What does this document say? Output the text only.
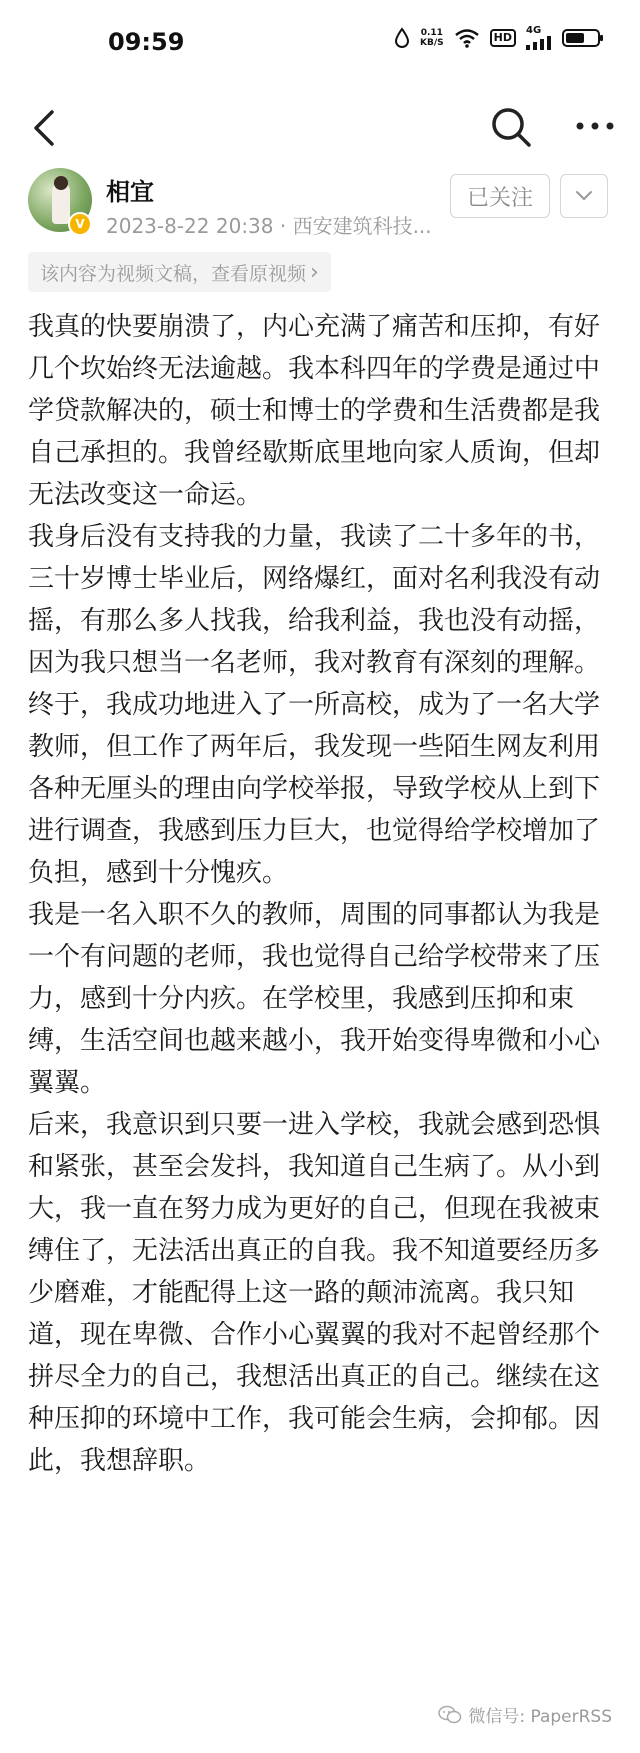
09:59	0.11
KB/S	HD
4G
V
相宜
2023-8-22 20:38 · 西安建筑科技...
已关注
该内容为视频文稿，查看原视频 ›

我真的快要崩溃了，内心充满了痛苦和压抑，有好几个坎始终无法逾越。我本科四年的学费是通过中学贷款解决的，硕士和博士的学费和生活费都是我自己承担的。我曾经歇斯底里地向家人质询，但却无法改变这一命运。

我身后没有支持我的力量，我读了二十多年的书，三十岁博士毕业后，网络爆红，面对名利我没有动摇，有那么多人找我，给我利益，我也没有动摇，因为我只想当一名老师，我对教育有深刻的理解。终于，我成功地进入了一所高校，成为了一名大学教师，但工作了两年后，我发现一些陌生网友利用各种无厘头的理由向学校举报，导致学校从上到下进行调查，我感到压力巨大，也觉得给学校增加了负担，感到十分愧疚。

我是一名入职不久的教师，周围的同事都认为我是一个有问题的老师，我也觉得自己给学校带来了压力，感到十分内疚。在学校里，我感到压抑和束缚，生活空间也越来越小，我开始变得卑微和小心翼翼。

后来，我意识到只要一进入学校，我就会感到恐惧和紧张，甚至会发抖，我知道自己生病了。从小到大，我一直在努力成为更好的自己，但现在我被束缚住了，无法活出真正的自我。我不知道要经历多少磨难，才能配得上这一路的颠沛流离。我只知道，现在卑微、合作小心翼翼的我对不起曾经那个拼尽全力的自己，我想活出真正的自己。继续在这种压抑的环境中工作，我可能会生病，会抑郁。因此，我想辞职。

微信号: PaperRSS
